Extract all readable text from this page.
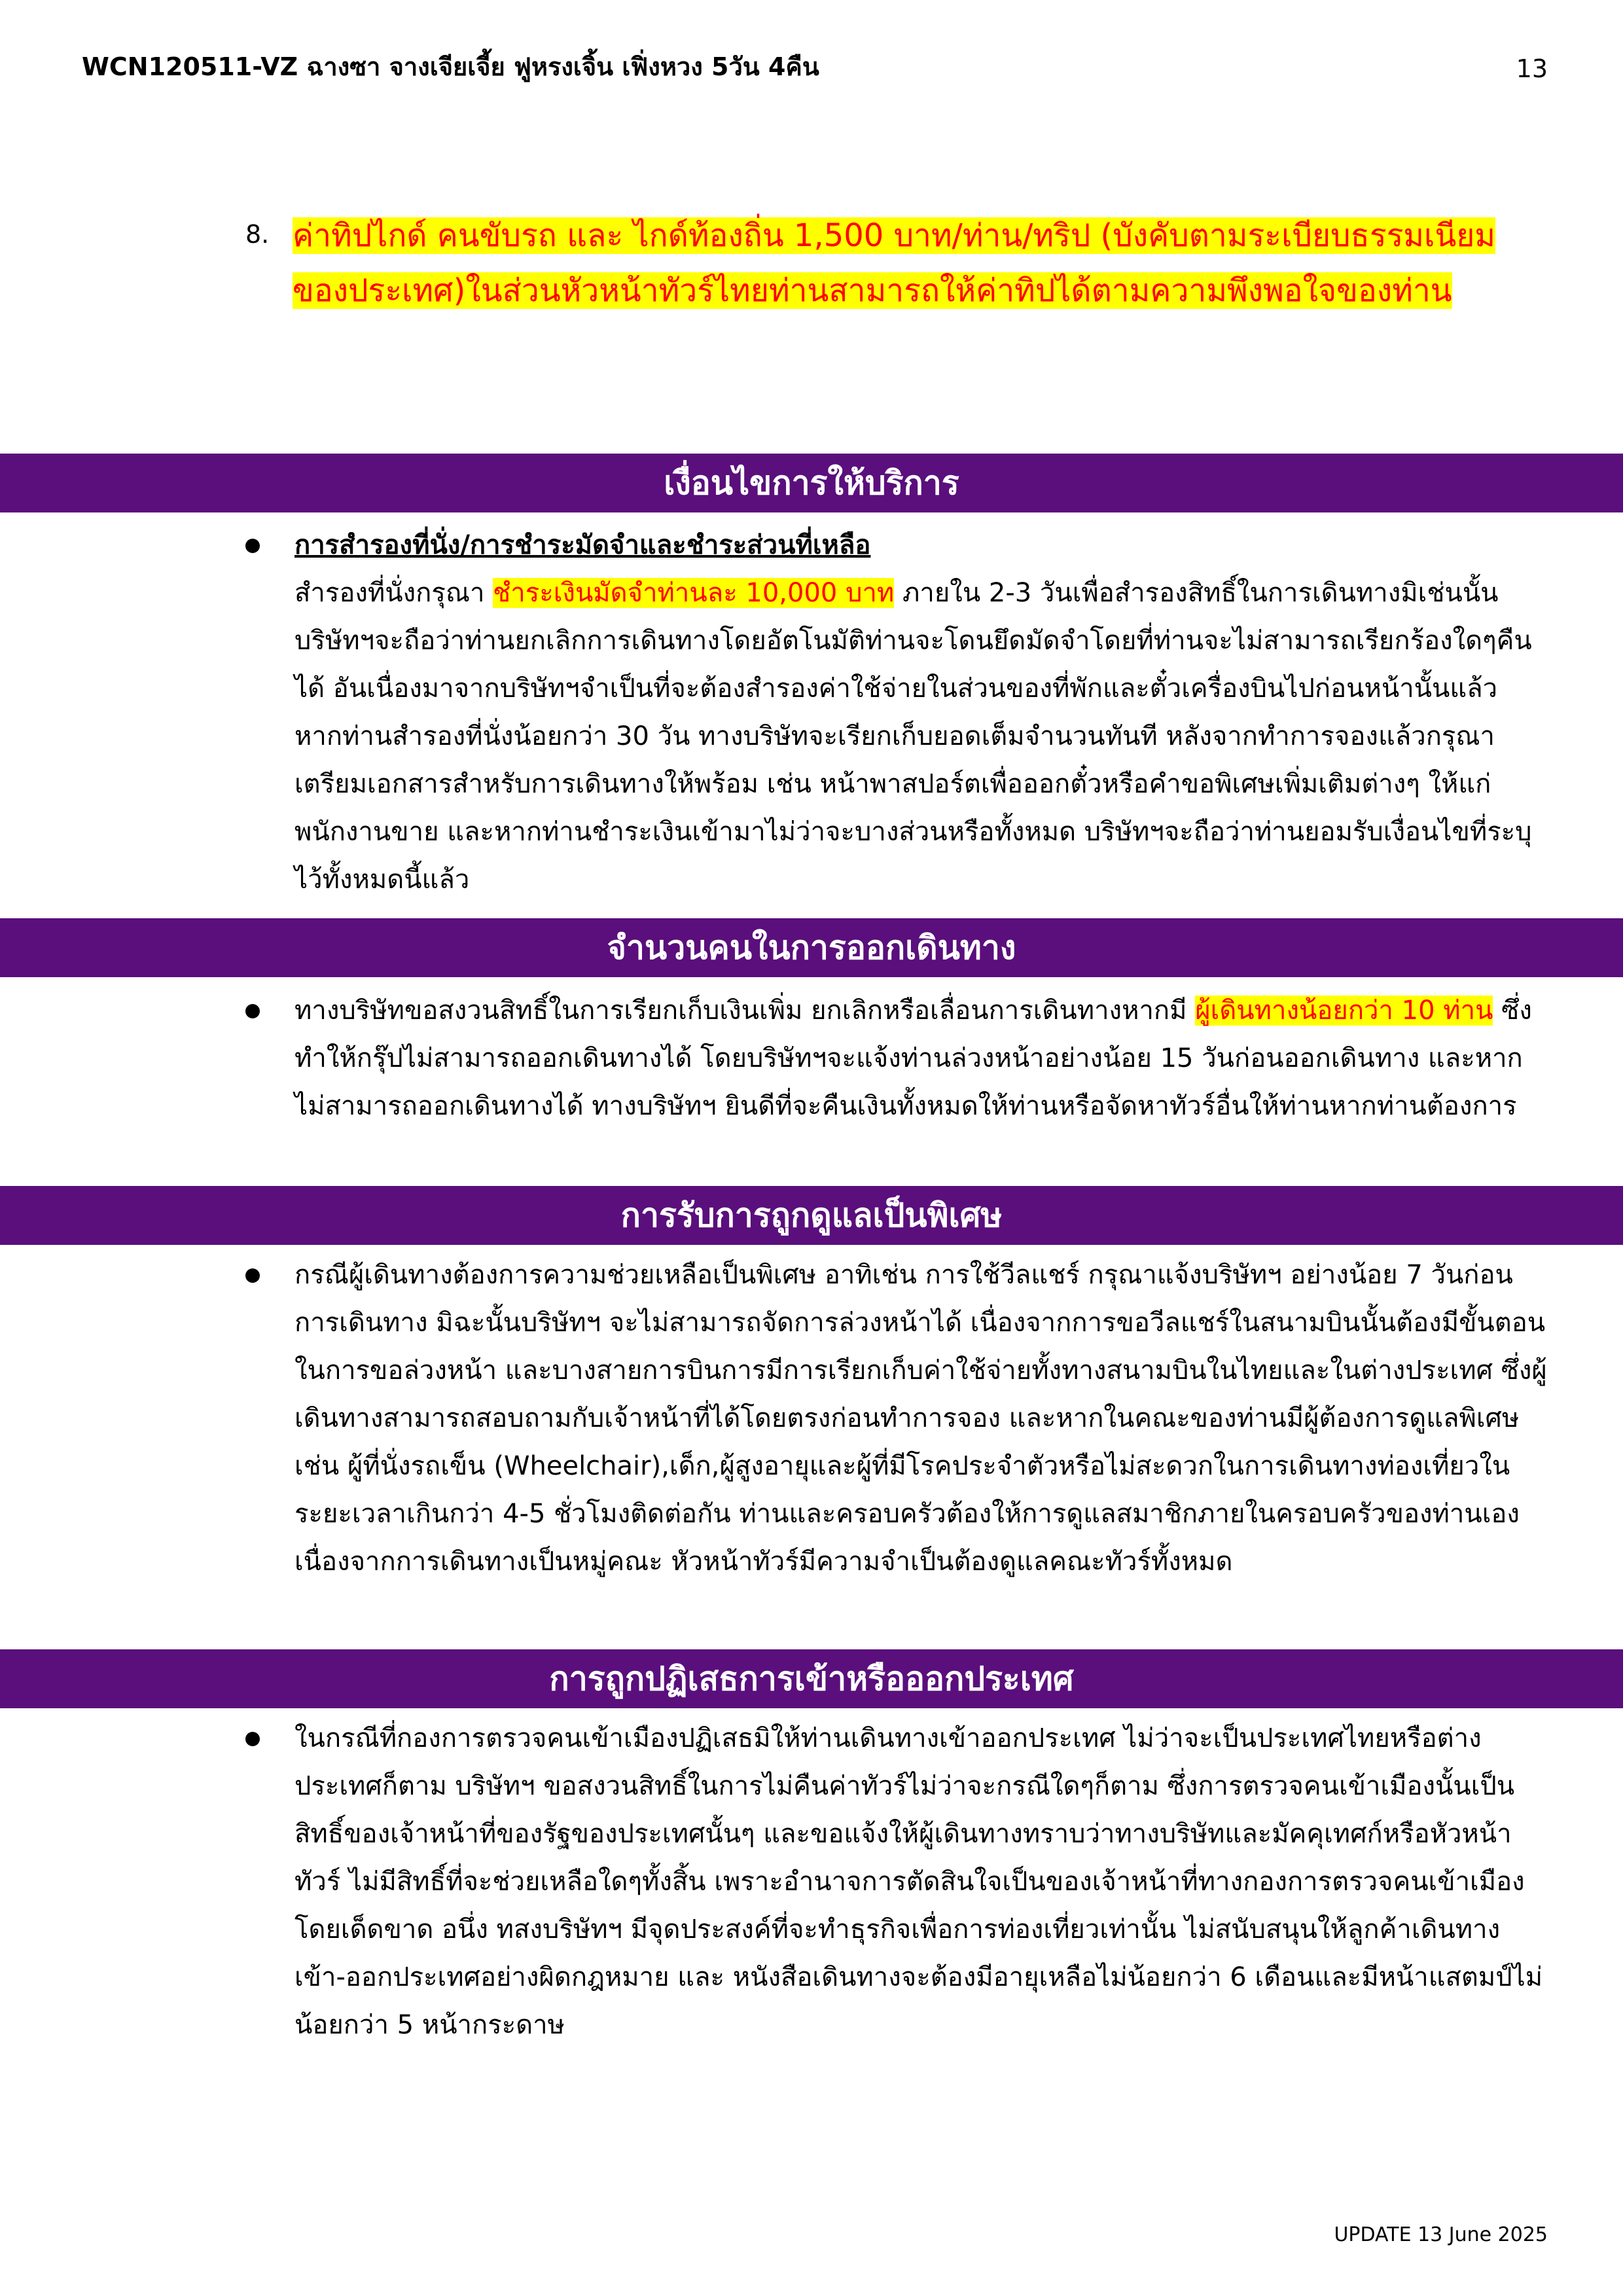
WCN120511-VZ ฉางซา จางเจียเจี้ย ฟูหรงเจิ้น เฟิ่งหวง 5วัน 4คืน	13
8. ค่าทิปไกด์ คนขับรถ และ ไกด์ท้องถิ่น 1,500 บาท/ท่าน/ทริป (บังคับตามระเบียบธรรมเนียมของประเทศ)ในส่วนหัวหน้าทัวร์ไทยท่านสามารถให้ค่าทิปได้ตามความพึงพอใจของท่าน
เงื่อนไขการให้บริการ
การสำรองที่นั่ง/การชำระมัดจำและชำระส่วนที่เหลือ
สำรองที่นั่งกรุณา ชำระเงินมัดจำท่านละ 10,000 บาท ภายใน 2-3 วันเพื่อสำรองสิทธิ์ในการเดินทางมิเช่นนั้นบริษัทฯจะถือว่าท่านยกเลิกการเดินทางโดยอัตโนมัติท่านจะโดนยึดมัดจำโดยที่ท่านจะไม่สามารถเรียกร้องใดๆคืนได้ อันเนื่องมาจากบริษัทฯจำเป็นที่จะต้องสำรองค่าใช้จ่ายในส่วนของที่พักและตั๋วเครื่องบินไปก่อนหน้านั้นแล้ว หากท่านสำรองที่นั่งน้อยกว่า 30 วัน ทางบริษัทจะเรียกเก็บยอดเต็มจำนวนทันที หลังจากทำการจองแล้วกรุณาเตรียมเอกสารสำหรับการเดินทางให้พร้อม เช่น หน้าพาสปอร์ตเพื่อออกตั๋วหรือคำขอพิเศษเพิ่มเติมต่างๆ ให้แก่พนักงานขาย และหากท่านชำระเงินเข้ามาไม่ว่าจะบางส่วนหรือทั้งหมด บริษัทฯจะถือว่าท่านยอมรับเงื่อนไขที่ระบุไว้ทั้งหมดนี้แล้ว
จำนวนคนในการออกเดินทาง
ทางบริษัทขอสงวนสิทธิ์ในการเรียกเก็บเงินเพิ่ม ยกเลิกหรือเลื่อนการเดินทางหากมี ผู้เดินทางน้อยกว่า 10 ท่าน ซึ่งทำให้กรุ๊ปไม่สามารถออกเดินทางได้ โดยบริษัทฯจะแจ้งท่านล่วงหน้าอย่างน้อย 15 วันก่อนออกเดินทาง และหากไม่สามารถออกเดินทางได้ ทางบริษัทฯ ยินดีที่จะคืนเงินทั้งหมดให้ท่านหรือจัดหาทัวร์อื่นให้ท่านหากท่านต้องการ
การรับการถูกดูแลเป็นพิเศษ
กรณีผู้เดินทางต้องการความช่วยเหลือเป็นพิเศษ อาทิเช่น การใช้วีลแชร์ กรุณาแจ้งบริษัทฯ อย่างน้อย 7 วันก่อนการเดินทาง มิฉะนั้นบริษัทฯ จะไม่สามารถจัดการล่วงหน้าได้ เนื่องจากการขอวีลแชร์ในสนามบินนั้นต้องมีขั้นตอนในการขอล่วงหน้า และบางสายการบินการมีการเรียกเก็บค่าใช้จ่ายทั้งทางสนามบินในไทยและในต่างประเทศ ซึ่งผู้เดินทางสามารถสอบถามกับเจ้าหน้าที่ได้โดยตรงก่อนทำการจอง และหากในคณะของท่านมีผู้ต้องการดูแลพิเศษ เช่น ผู้ที่นั่งรถเข็น (Wheelchair),เด็ก,ผู้สูงอายุและผู้ที่มีโรคประจำตัวหรือไม่สะดวกในการเดินทางท่องเที่ยวในระยะเวลาเกินกว่า 4-5 ชั่วโมงติดต่อกัน ท่านและครอบครัวต้องให้การดูแลสมาชิกภายในครอบครัวของท่านเอง เนื่องจากการเดินทางเป็นหมู่คณะ หัวหน้าทัวร์มีความจำเป็นต้องดูแลคณะทัวร์ทั้งหมด
การถูกปฏิเสธการเข้าหรือออกประเทศ
ในกรณีที่กองการตรวจคนเข้าเมืองปฏิเสธมิให้ท่านเดินทางเข้าออกประเทศ ไม่ว่าจะเป็นประเทศไทยหรือต่างประเทศก็ตาม บริษัทฯ ขอสงวนสิทธิ์ในการไม่คืนค่าทัวร์ไม่ว่าจะกรณีใดๆก็ตาม ซึ่งการตรวจคนเข้าเมืองนั้นเป็นสิทธิ์ของเจ้าหน้าที่ของรัฐของประเทศนั้นๆ และขอแจ้งให้ผู้เดินทางทราบว่าทางบริษัทและมัคคุเทศก์หรือหัวหน้าทัวร์ ไม่มีสิทธิ์ที่จะช่วยเหลือใดๆทั้งสิ้น เพราะอำนาจการตัดสินใจเป็นของเจ้าหน้าที่ทางกองการตรวจคนเข้าเมืองโดยเด็ดขาด อนึ่ง ทสงบริษัทฯ มีจุดประสงค์ที่จะทำธุรกิจเพื่อการท่องเที่ยวเท่านั้น ไม่สนับสนุนให้ลูกค้าเดินทางเข้า-ออกประเทศอย่างผิดกฎหมาย และ หนังสือเดินทางจะต้องมีอายุเหลือไม่น้อยกว่า 6 เดือนและมีหน้าแสตมป์ไม่น้อยกว่า 5 หน้ากระดาษ
UPDATE 13 June 2025
